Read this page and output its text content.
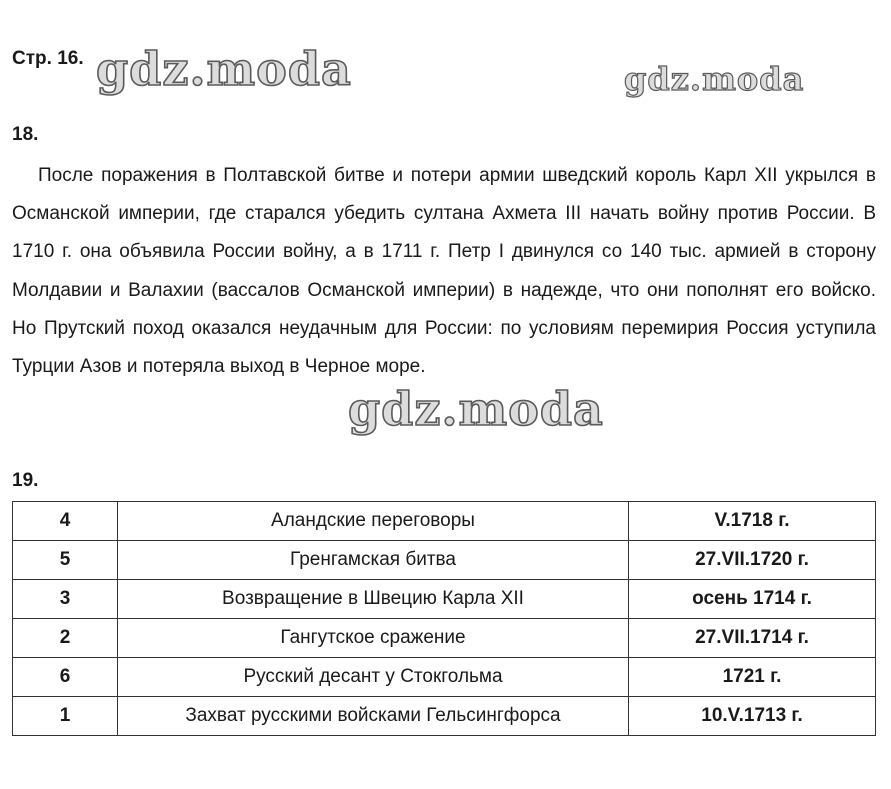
Стр. 16. gdz.moda	gdz.moda
18.

После поражения в Полтавской битве и потери армии шведский король Карл XII укрылся в Османской империи, где старался убедить султана Ахмета III начать войну против России. В 1710 г. она объявила России войну, а в 1711 г. Петр I двинулся со 140 тыс. армией в сторону Молдавии и Валахии (вассалов Османской империи) в надежде, что они пополнят его войско. Но Прутский поход оказался неудачным для России: по условиям перемирия Россия уступила Турции Азов и потеряла выход в Черное море.

gdz.moda
19.
4	Аландские переговоры	V.1718 г.
5	Гренгамская битва	27.VII.1720 г.
3	Возвращение в Швецию Карла XII	осень 1714 г.
2	Гангутское сражение	27.VII.1714 г.
6	Русский десант у Стокгольма	1721 г.
1	Захват русскими войсками Гельсингфорса	10.V.1713 г.
